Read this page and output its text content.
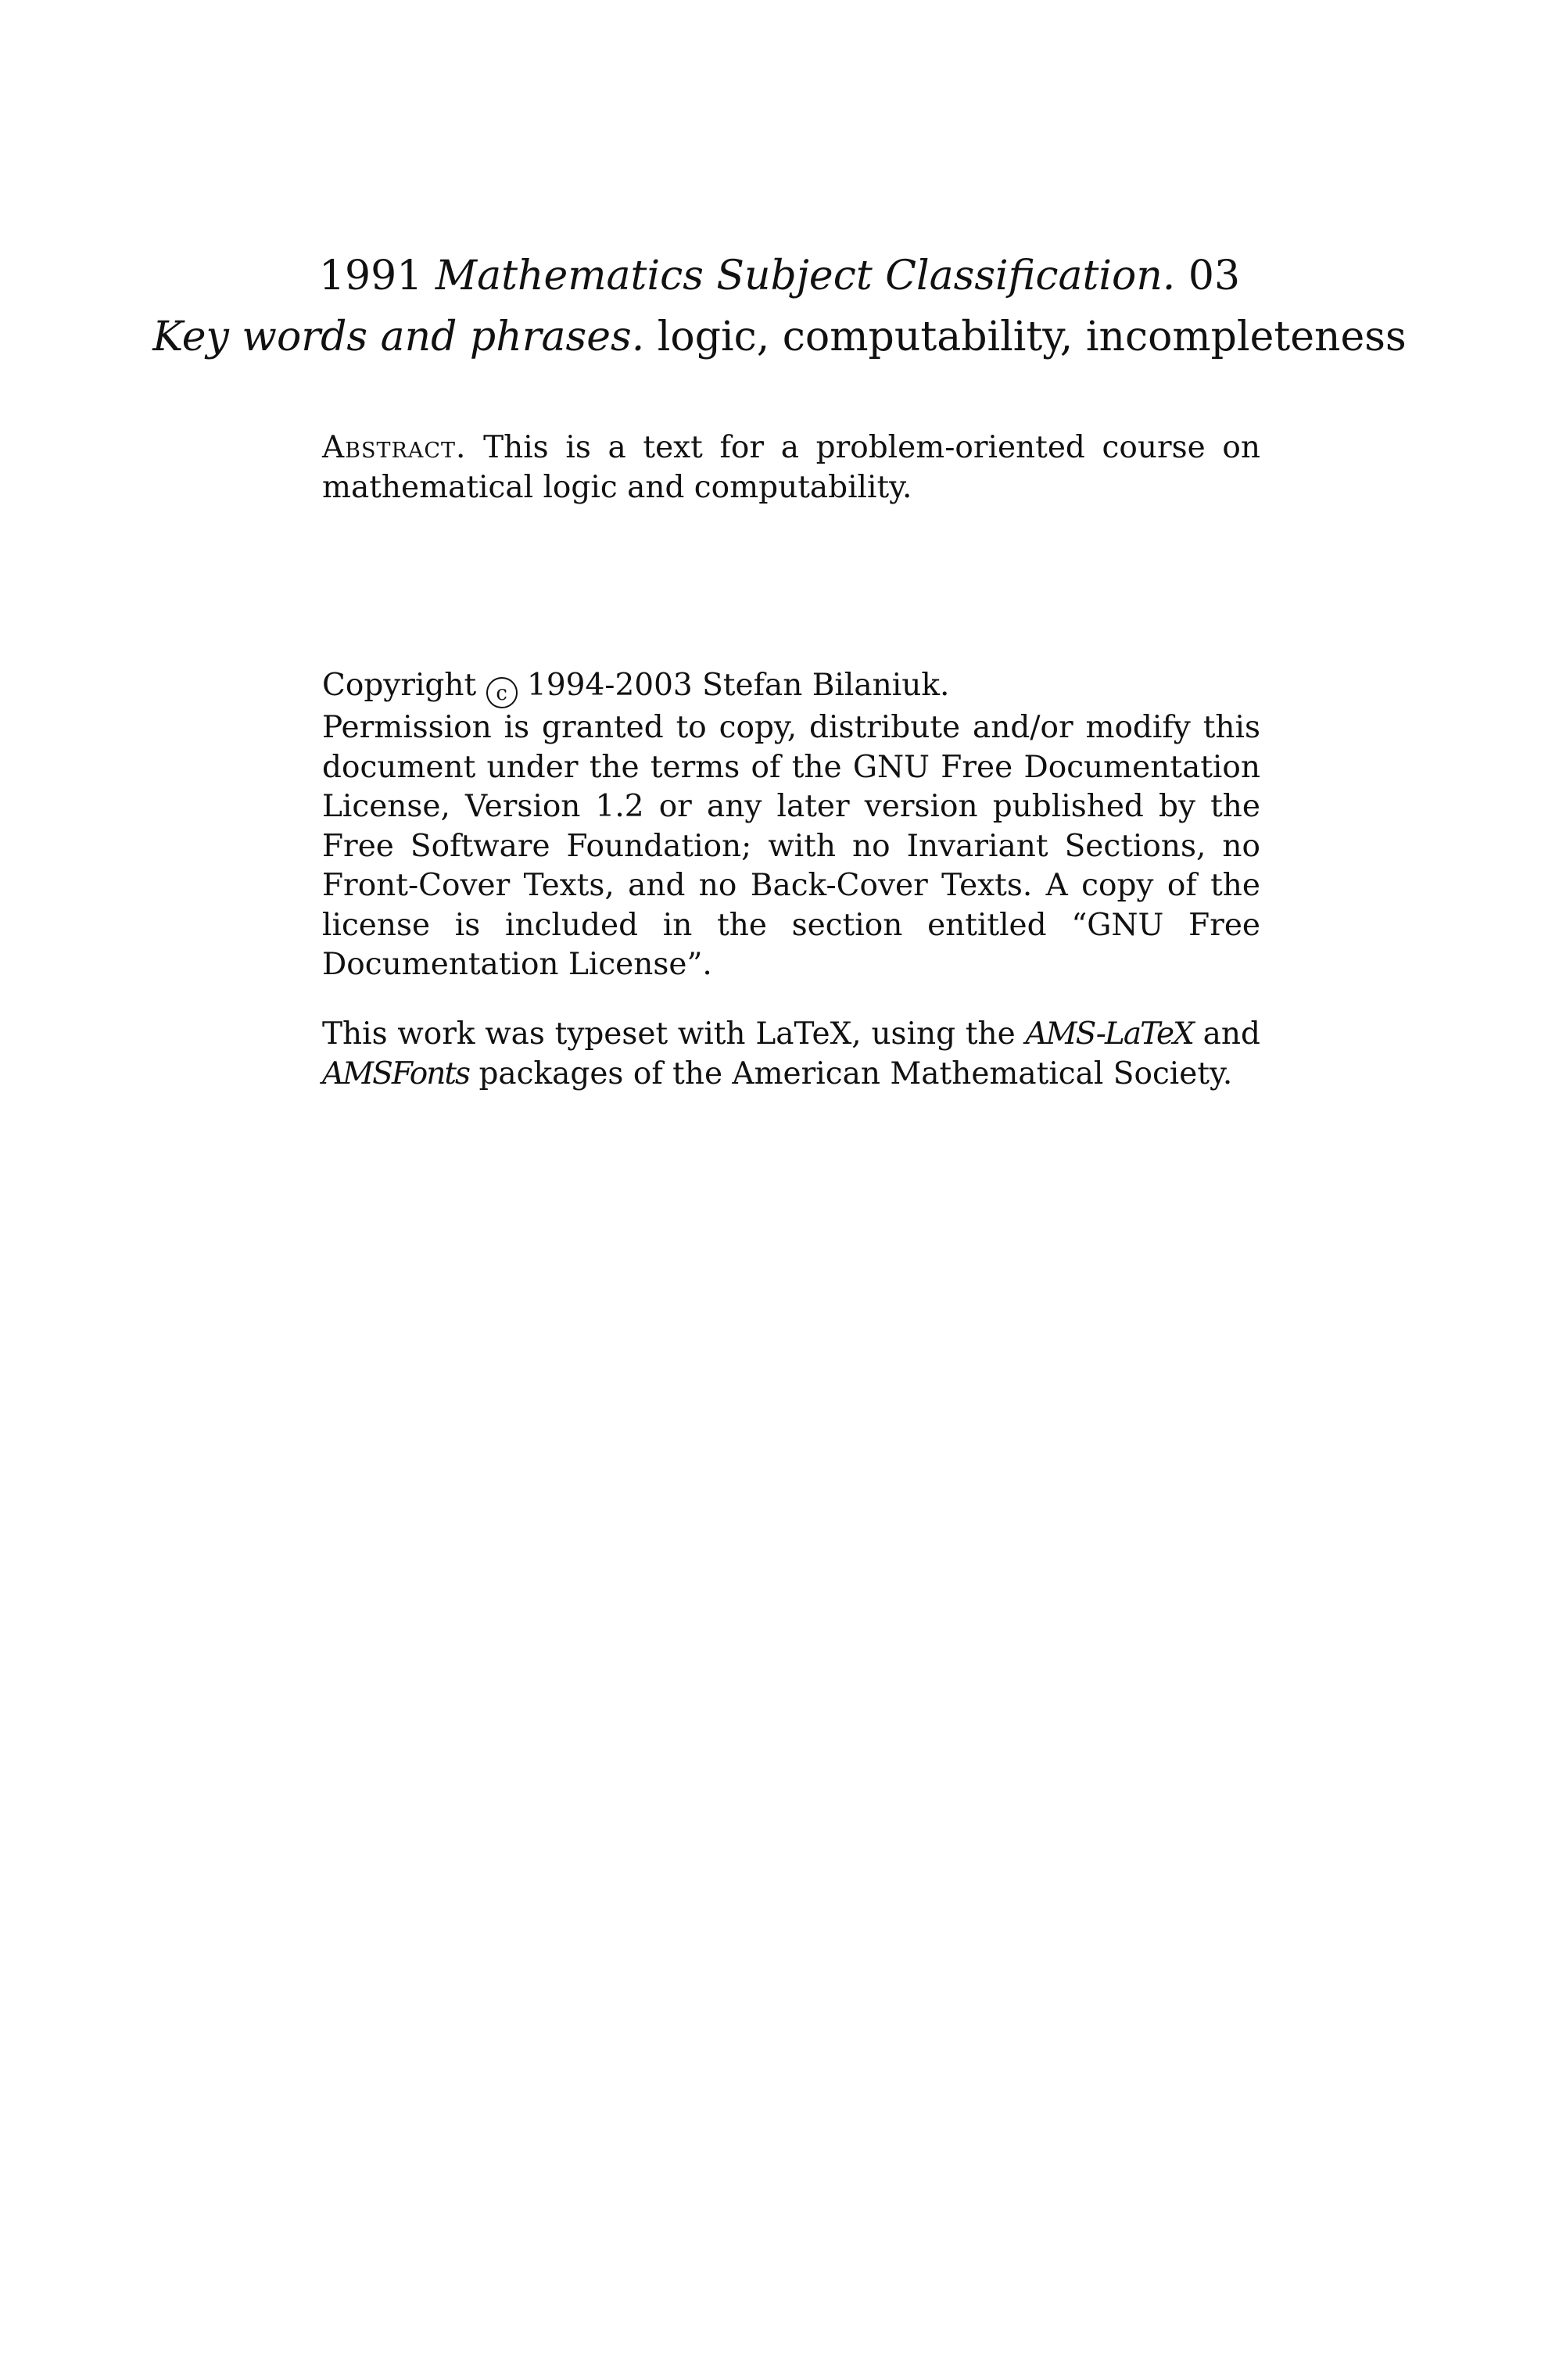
1991 Mathematics Subject Classification. 03
Key words and phrases. logic, computability, incompleteness

Abstract. This is a text for a problem-oriented course on mathematical logic and computability.

Copyright c 1994-2003 Stefan Bilaniuk.

Permission is granted to copy, distribute and/or modify this document under the terms of the GNU Free Documentation License, Version 1.2 or any later version published by the Free Software Foundation; with no Invariant Sections, no Front-Cover Texts, and no Back-Cover Texts. A copy of the license is included in the section entitled “GNU Free Documentation License”.

This work was typeset with LaTeX, using the AMS-LaTeX and AMSFonts packages of the American Mathematical Society.
